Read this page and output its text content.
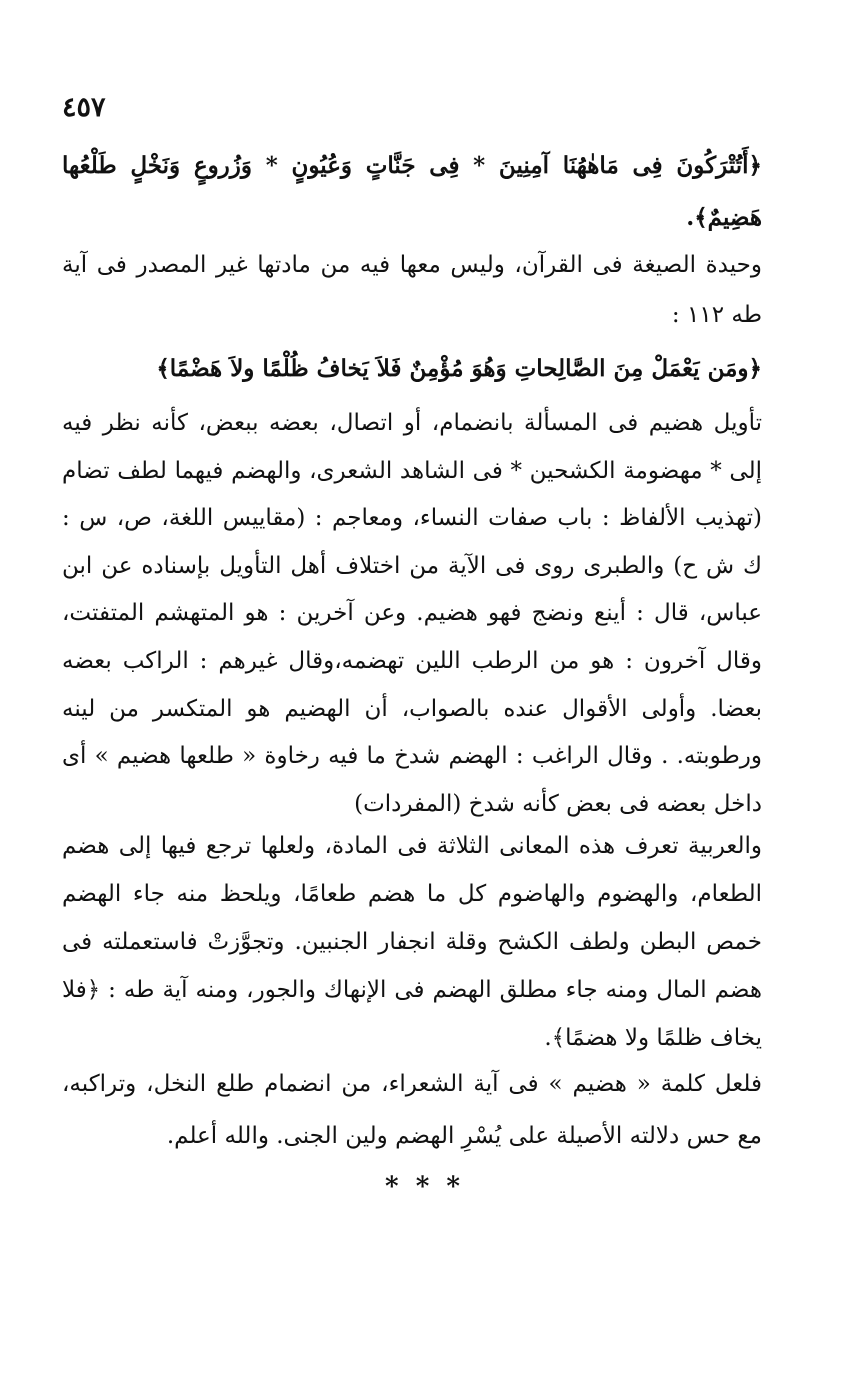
٤٥٧

﴿أَتُتْرَكُونَ فِى مَاهٰهُنَا آمِنِينَ * فِى جَنَّاتٍ وَعُيُونٍ * وَزُروعٍ وَنَخْلٍ طَلْعُها هَضِيمٌ﴾.

وحيدة الصيغة فى القرآن، وليس معها فيه من مادتها غير المصدر فى آية طه ١١٢ :

﴿ومَن يَعْمَلْ مِنَ الصَّالِحاتِ وَهُوَ مُؤْمِنٌ فَلاَ يَخافُ ظُلْمًا ولاَ هَضْمًا﴾

تأويل هضيم فى المسألة بانضمام، أو اتصال، بعضه ببعض، كأنه نظر فيه إلى * مهضومة الكشحين * فى الشاهد الشعرى، والهضم فيهما لطف تضام (تهذيب الألفاظ : باب صفات النساء، ومعاجم : (مقاييس اللغة، ص، س : ك ش ح) والطبرى روى فى الآية من اختلاف أهل التأويل بإسناده عن ابن عباس، قال : أينع ونضج فهو هضيم. وعن آخرين : هو المتهشم المتفتت، وقال آخرون : هو من الرطب اللين تهضمه،وقال غيرهم : الراكب بعضه بعضا. وأولى الأقوال عنده بالصواب، أن الهضيم هو المتكسر من لينه ورطوبته. . وقال الراغب : الهضم شدخ ما فيه رخاوة « طلعها هضيم » أى داخل بعضه فى بعض كأنه شدخ (المفردات)

والعربية تعرف هذه المعانى الثلاثة فى المادة، ولعلها ترجع فيها إلى هضم الطعام، والهضوم والهاضوم كل ما هضم طعامًا، ويلحظ منه جاء الهضم خمص البطن ولطف الكشح وقلة انجفار الجنبين. وتجوَّزتْ فاستعملته فى هضم المال ومنه جاء مطلق الهضم فى الإنهاك والجور، ومنه آية طه : ﴿فلا يخاف ظلمًا ولا هضمًا﴾.

فلعل كلمة « هضيم » فى آية الشعراء، من انضمام طلع النخل، وتراكبه، مع حس دلالته الأصيلة على يُسْرِ الهضم ولين الجنى. والله أعلم.

* * *
